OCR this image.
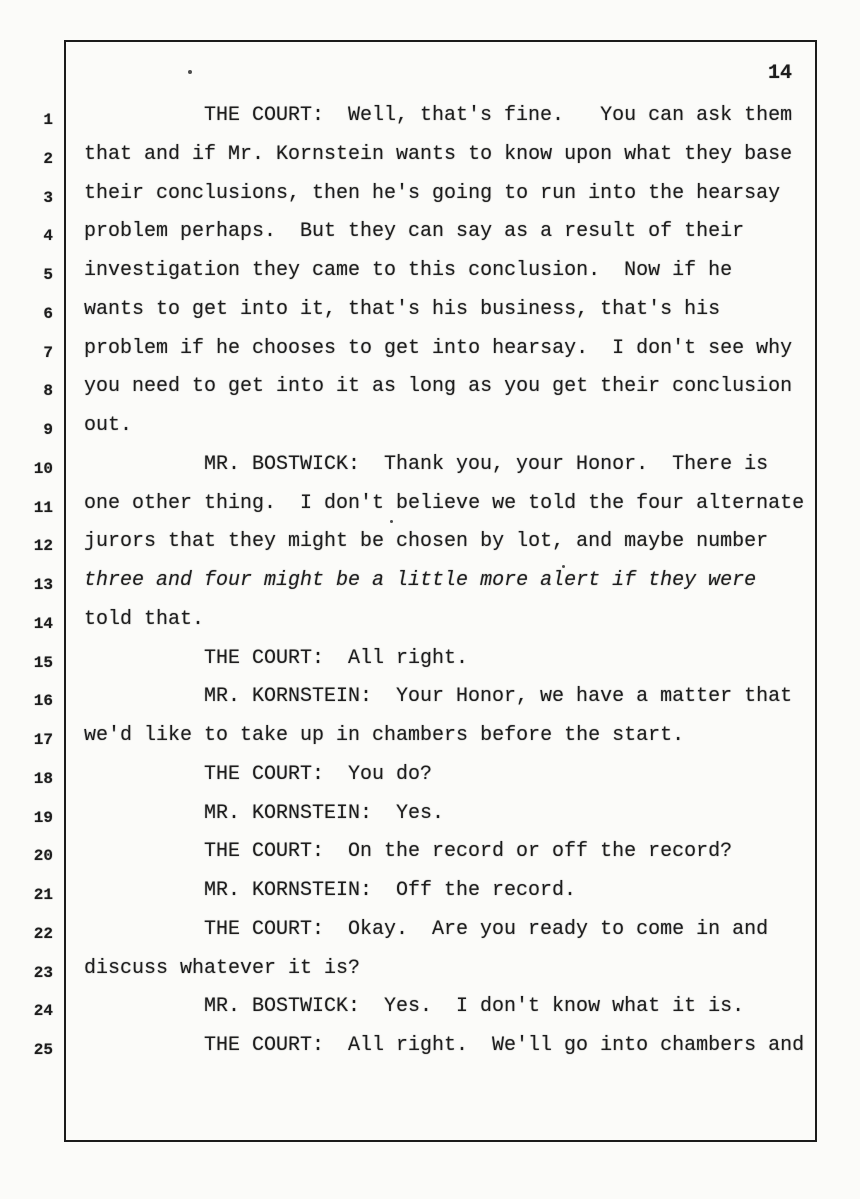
14
1	THE COURT:  Well, that's fine.   You can ask them
2 that and if Mr. Kornstein wants to know upon what they base
3 their conclusions, then he's going to run into the hearsay
4 problem perhaps.  But they can say as a result of their
5 investigation they came to this conclusion.  Now if he
6 wants to get into it, that's his business, that's his
7 problem if he chooses to get into hearsay.  I don't see why
8 you need to get into it as long as you get their conclusion
9 out.
10	MR. BOSTWICK:  Thank you, your Honor.  There is
11 one other thing.  I don't believe we told the four alternate
12 jurors that they might be chosen by lot, and maybe number
13 three and four might be a little more alert if they were
14 told that.
15	THE COURT:  All right.
16	MR. KORNSTEIN:  Your Honor, we have a matter that
17 we'd like to take up in chambers before the start.
18	THE COURT:  You do?
19	MR. KORNSTEIN:  Yes.
20	THE COURT:  On the record or off the record?
21	MR. KORNSTEIN:  Off the record.
22	THE COURT:  Okay.  Are you ready to come in and
23 discuss whatever it is?
24	MR. BOSTWICK:  Yes.  I don't know what it is.
25	THE COURT:  All right.  We'll go into chambers and
